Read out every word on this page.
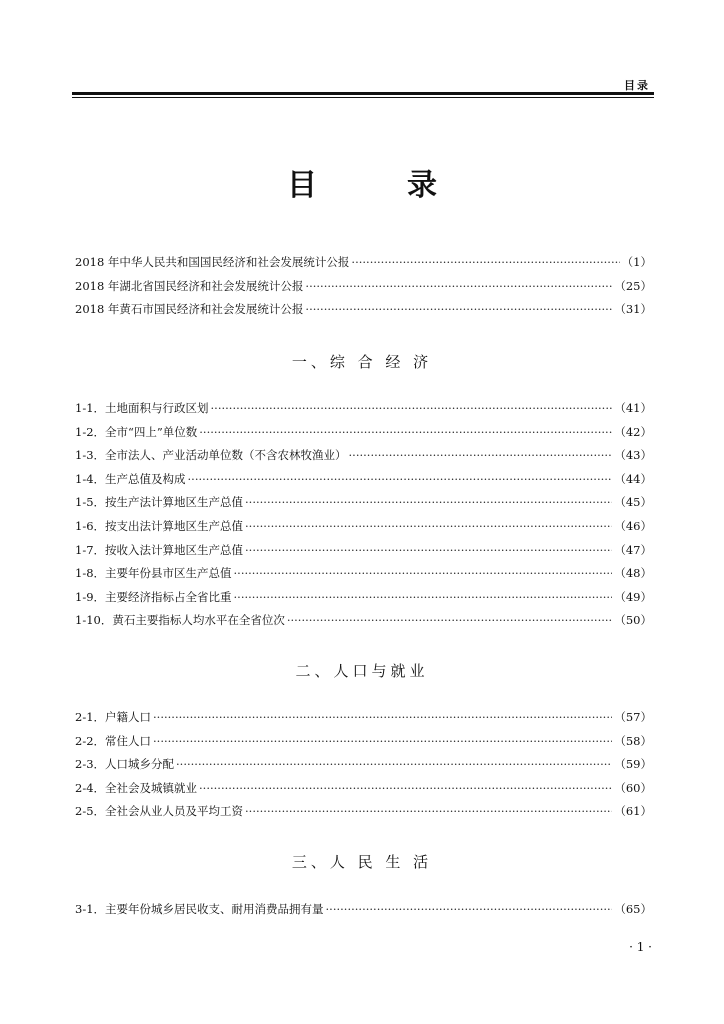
目录
目	录
2018 年中华人民共和国国民经济和社会发展统计公报 ·····	（1）
2018 年湖北省国民经济和社会发展统计公报 ·····	（25）
2018 年黄石市国民经济和社会发展统计公报 ·····	（31）
一、综 合 经 济
1-1．土地面积与行政区划 ·····	（41）
1-2．全市“四上”单位数 ·····	（42）
1-3．全市法人、产业活动单位数（不含农林牧渔业） ·····	（43）
1-4．生产总值及构成 ·····	（44）
1-5．按生产法计算地区生产总值 ·····	（45）
1-6．按支出法计算地区生产总值 ·····	（46）
1-7．按收入法计算地区生产总值 ·····	（47）
1-8．主要年份县市区生产总值 ·····	（48）
1-9．主要经济指标占全省比重 ·····	（49）
1-10．黄石主要指标人均水平在全省位次 ·····	（50）
二、人口与就业
2-1．户籍人口 ·····	（57）
2-2．常住人口 ·····	（58）
2-3．人口城乡分配 ·····	（59）
2-4．全社会及城镇就业 ·····	（60）
2-5．全社会从业人员及平均工资 ·····	（61）
三、人 民 生 活
3-1．主要年份城乡居民收支、耐用消费品拥有量 ·····	（65）
· 1 ·
